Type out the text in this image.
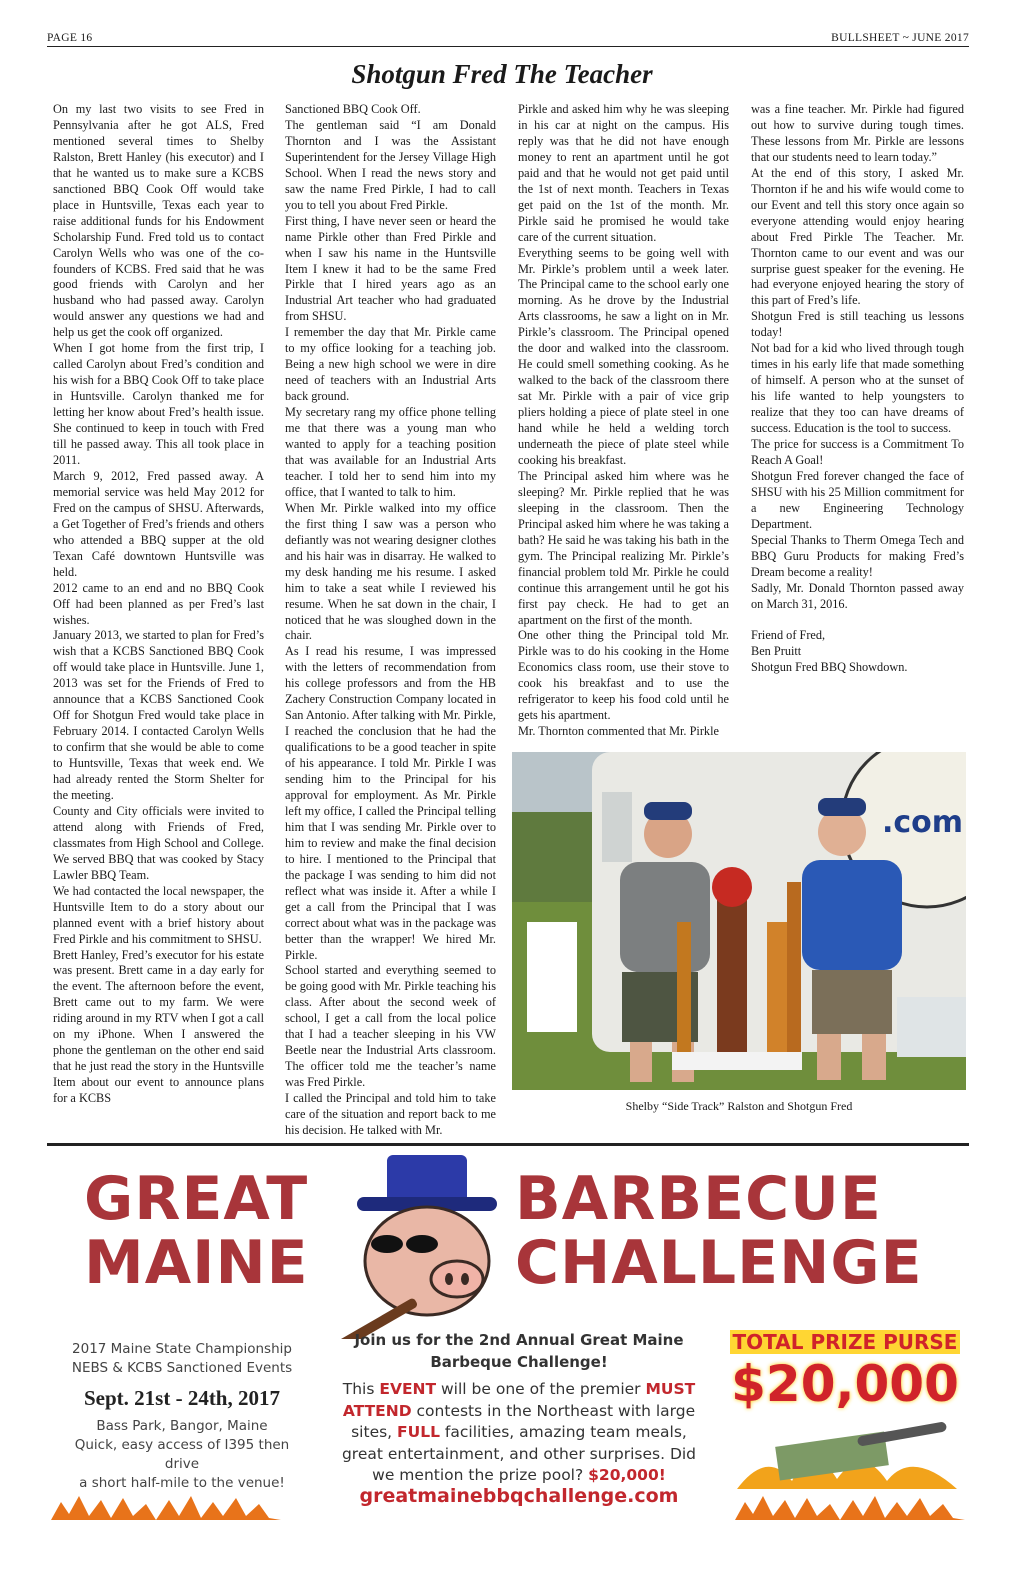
PAGE 16	BULLSHEET ~ JUNE 2017
Shotgun Fred The Teacher

On my last two visits to see Fred in Pennsylvania after he got ALS, Fred mentioned several times to Shelby Ralston, Brett Hanley (his executor) and I that he wanted us to make sure a KCBS sanctioned BBQ Cook Off would take place in Huntsville, Texas each year to raise additional funds for his Endowment Scholarship Fund. Fred told us to contact Carolyn Wells who was one of the co-founders of KCBS. Fred said that he was good friends with Carolyn and her husband who had passed away. Carolyn would answer any questions we had and help us get the cook off organized.

When I got home from the first trip, I called Carolyn about Fred’s condition and his wish for a BBQ Cook Off to take place in Huntsville. Carolyn thanked me for letting her know about Fred’s health issue. She continued to keep in touch with Fred till he passed away. This all took place in 2011.

March 9, 2012, Fred passed away. A memorial service was held May 2012 for Fred on the campus of SHSU. Afterwards, a Get Together of Fred’s friends and others who attended a BBQ supper at the old Texan Café downtown Huntsville was held.

2012 came to an end and no BBQ Cook Off had been planned as per Fred’s last wishes.

January 2013, we started to plan for Fred’s wish that a KCBS Sanctioned BBQ Cook off would take place in Huntsville. June 1, 2013 was set for the Friends of Fred to announce that a KCBS Sanctioned Cook Off for Shotgun Fred would take place in February 2014. I contacted Carolyn Wells to confirm that she would be able to come to Huntsville, Texas that week end. We had already rented the Storm Shelter for the meeting.

County and City officials were invited to attend along with Friends of Fred, classmates from High School and College. We served BBQ that was cooked by Stacy Lawler BBQ Team.

We had contacted the local newspaper, the Huntsville Item to do a story about our planned event with a brief history about Fred Pirkle and his commitment to SHSU.

Brett Hanley, Fred’s executor for his estate was present. Brett came in a day early for the event. The afternoon before the event, Brett came out to my farm. We were riding around in my RTV when I got a call on my iPhone. When I answered the phone the gentleman on the other end said that he just read the story in the Huntsville Item about our event to announce plans for a KCBS

Sanctioned BBQ Cook Off.

The gentleman said “I am Donald Thornton and I was the Assistant Superintendent for the Jersey Village High School. When I read the news story and saw the name Fred Pirkle, I had to call you to tell you about Fred Pirkle.

First thing, I have never seen or heard the name Pirkle other than Fred Pirkle and when I saw his name in the Huntsville Item I knew it had to be the same Fred Pirkle that I hired years ago as an Industrial Art teacher who had graduated from SHSU.

I remember the day that Mr. Pirkle came to my office looking for a teaching job. Being a new high school we were in dire need of teachers with an Industrial Arts back ground.

My secretary rang my office phone telling me that there was a young man who wanted to apply for a teaching position that was available for an Industrial Arts teacher. I told her to send him into my office, that I wanted to talk to him.

When Mr. Pirkle walked into my office the first thing I saw was a person who defiantly was not wearing designer clothes and his hair was in disarray. He walked to my desk handing me his resume. I asked him to take a seat while I reviewed his resume. When he sat down in the chair, I noticed that he was sloughed down in the chair.

As I read his resume, I was impressed with the letters of recommendation from his college professors and from the HB Zachery Construction Company located in San Antonio. After talking with Mr. Pirkle, I reached the conclusion that he had the qualifications to be a good teacher in spite of his appearance. I told Mr. Pirkle I was sending him to the Principal for his approval for employment. As Mr. Pirkle left my office, I called the Principal telling him that I was sending Mr. Pirkle over to him to review and make the final decision to hire. I mentioned to the Principal that the package I was sending to him did not reflect what was inside it. After a while I get a call from the Principal that I was correct about what was in the package was better than the wrapper! We hired Mr. Pirkle.

School started and everything seemed to be going good with Mr. Pirkle teaching his class. After about the second week of school, I get a call from the local police that I had a teacher sleeping in his VW Beetle near the Industrial Arts classroom. The officer told me the teacher’s name was Fred Pirkle.

I called the Principal and told him to take care of the situation and report back to me his decision. He talked with Mr.

Pirkle and asked him why he was sleeping in his car at night on the campus. His reply was that he did not have enough money to rent an apartment until he got paid and that he would not get paid until the 1st of next month. Teachers in Texas get paid on the 1st of the month. Mr. Pirkle said he promised he would take care of the current situation.

Everything seems to be going well with Mr. Pirkle’s problem until a week later. The Principal came to the school early one morning. As he drove by the Industrial Arts classrooms, he saw a light on in Mr. Pirkle’s classroom. The Principal opened the door and walked into the classroom. He could smell something cooking. As he walked to the back of the classroom there sat Mr. Pirkle with a pair of vice grip pliers holding a piece of plate steel in one hand while he held a welding torch underneath the piece of plate steel while cooking his breakfast.

The Principal asked him where was he sleeping? Mr. Pirkle replied that he was sleeping in the classroom. Then the Principal asked him where he was taking a bath? He said he was taking his bath in the gym. The Principal realizing Mr. Pirkle’s financial problem told Mr. Pirkle he could continue this arrangement until he got his first pay check. He had to get an apartment on the first of the month.

One other thing the Principal told Mr. Pirkle was to do his cooking in the Home Economics class room, use their stove to cook his breakfast and to use the refrigerator to keep his food cold until he gets his apartment.

Mr. Thornton commented that Mr. Pirkle

was a fine teacher. Mr. Pirkle had figured out how to survive during tough times. These lessons from Mr. Pirkle are lessons that our students need to learn today.”

At the end of this story, I asked Mr. Thornton if he and his wife would come to our Event and tell this story once again so everyone attending would enjoy hearing about Fred Pirkle The Teacher. Mr. Thornton came to our event and was our surprise guest speaker for the evening. He had everyone enjoyed hearing the story of this part of Fred’s life.

Shotgun Fred is still teaching us lessons today!

Not bad for a kid who lived through tough times in his early life that made something of himself. A person who at the sunset of his life wanted to help youngsters to realize that they too can have dreams of success. Education is the tool to success.

The price for success is a Commitment To Reach A Goal!

Shotgun Fred forever changed the face of SHSU with his 25 Million commitment for a new Engineering Technology Department.

Special Thanks to Therm Omega Tech and BBQ Guru Products for making Fred’s Dream become a reality!

Sadly, Mr. Donald Thornton passed away on March 31, 2016.

Friend of Fred,

Ben Pruitt

Shotgun Fred BBQ Showdown.

.com
Shelby “Side Track” Ralston and Shotgun Fred
GREAT
MAINE
BARBECUE
CHALLENGE
2017 Maine State Championship
NEBS & KCBS Sanctioned Events
Sept. 21st - 24th, 2017
Bass Park, Bangor, Maine
Quick, easy access of I395 then drive
a short half-mile to the venue!
Join us for the 2nd Annual Great Maine
Barbeque Challenge!
This EVENT will be one of the premier MUST ATTEND contests in the Northeast with large sites, FULL facilities, amazing team meals, great entertainment, and other surprises. Did we mention the prize pool? $20,000!
greatmainebbqchallenge.com
TOTAL PRIZE PURSE
$20,000
